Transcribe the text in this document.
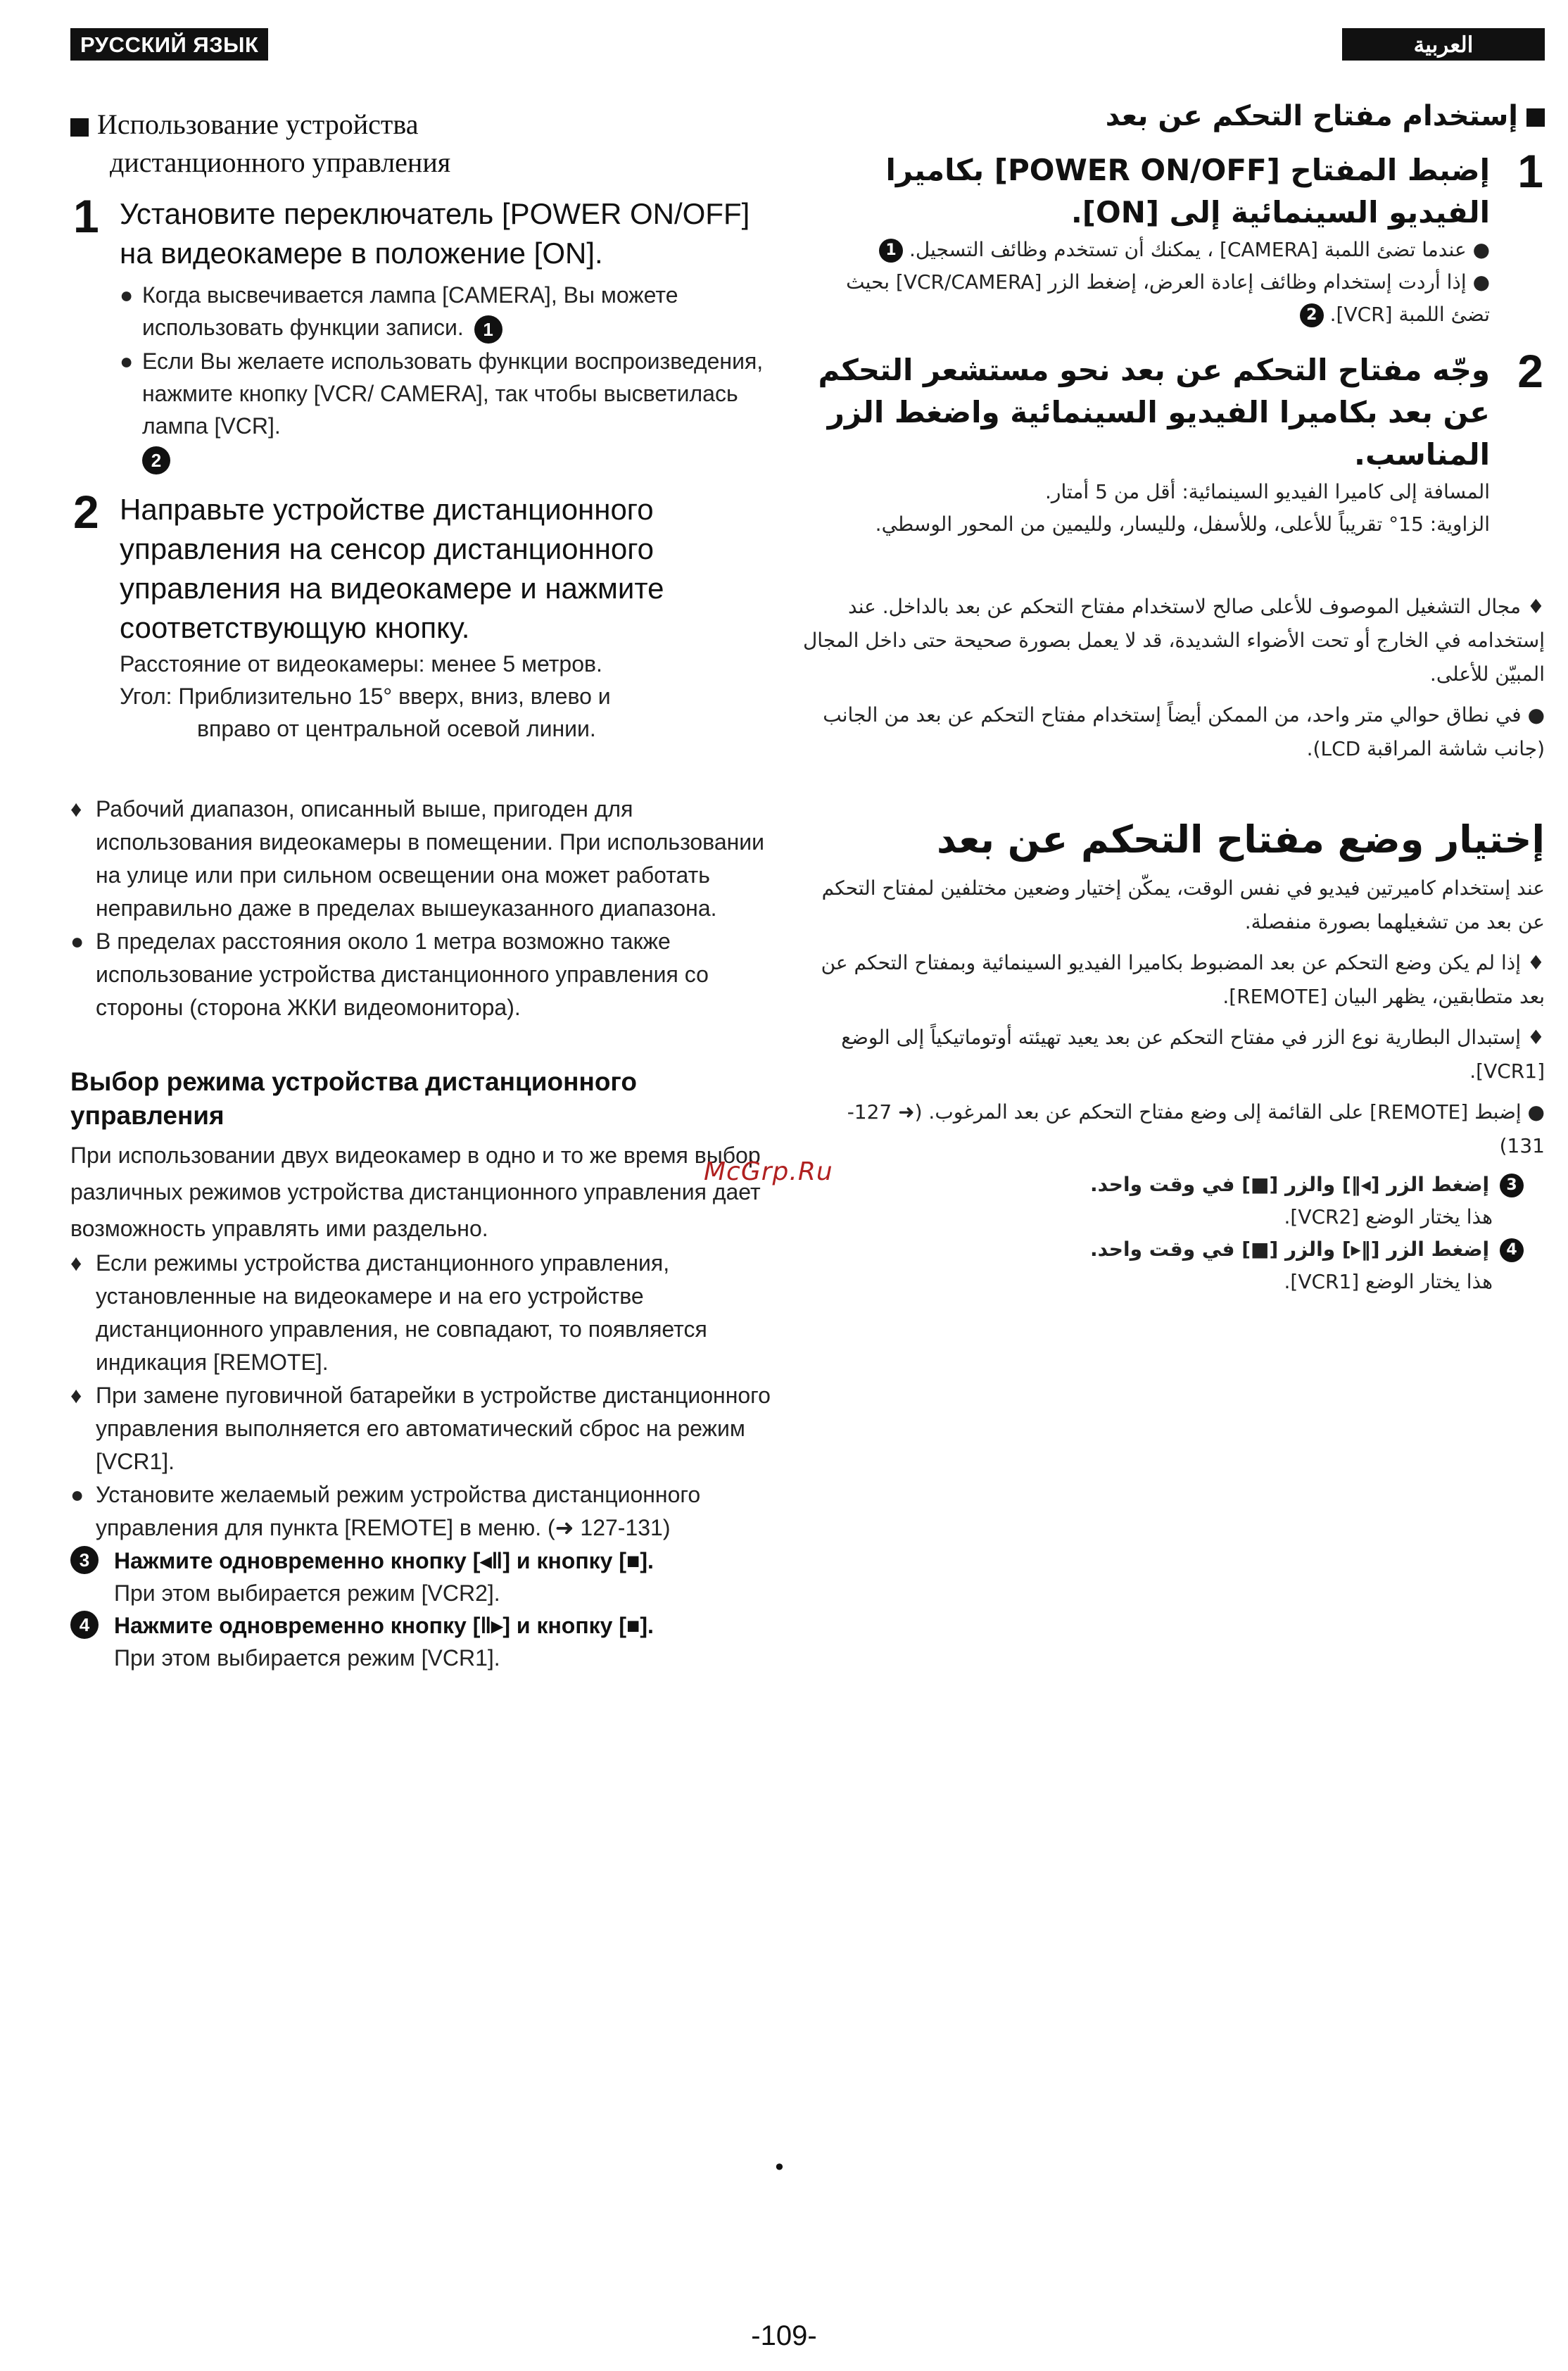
РУССКИЙ ЯЗЫК
Использование устройства
дистанционного управления
1 Установите переключатель [POWER ON/OFF] на видеокамере в положение [ON].
● Когда высвечивается лампа [CAMERA], Вы можете использовать функции записи. 1
● Если Вы желаете использовать функции воспроизведения, нажмите кнопку [VCR/ CAMERA], так чтобы высветилась лампа [VCR].
2
2 Направьте устройстве дистанционного управления на сенсор дистанционного управления на видеокамере и нажмите соответствующую кнопку.
Расстояние от видеокамеры: менее 5 метров.
Угол: Приблизительно 15° вверх, вниз, влево и
вправо от центральной осевой линии.
♦ Рабочий диапазон, описанный выше, пригоден для использования видеокамеры в помещении. При использовании на улице или при сильном освещении она может работать неправильно даже в пределах вышеуказанного диапазона.
● В пределах расстояния около 1 метра возможно также использование устройства дистанционного управления со стороны (сторона ЖКИ видеомонитора).
Выбор режима устройства дистанционного управления
При использовании двух видеокамер в одно и то же время выбор различных режимов устройства дистанционного управления дает возможность управлять ими раздельно.
♦ Если режимы устройства дистанционного управления, установленные на видеокамере и на его устройстве дистанционного управления, не совпадают, то появляется индикация [REMOTE].
♦ При замене пуговичной батарейки в устройстве дистанционного управления выполняется его автоматический сброс на режим [VCR1].
● Установите желаемый режим устройства дистанционного управления для пункта [REMOTE] в меню. (➜ 127-131)
3	Нажмите одновременно кнопку [◂‖] и кнопку [■].
При этом выбирается режим [VCR2].
4	Нажмите одновременно кнопку [‖▸] и кнопку [■].
При этом выбирается режим [VCR1].
McGrp.Ru
العربية
إستخدام مفتاح التحكم عن بعد
1
إضبط المفتاح [POWER ON/OFF] بكاميرا الفيديو السينمائية إلى [ON].
● عندما تضئ اللمبة [CAMERA] ، يمكنك أن تستخدم وظائف التسجيل. 1
● إذا أردت إستخدام وظائف إعادة العرض، إضغط الزر [VCR/CAMERA] بحيث تضئ اللمبة [VCR]. 2
2
وجّه مفتاح التحكم عن بعد نحو مستشعر التحكم عن بعد بكاميرا الفيديو السينمائية واضغط الزر المناسب.
المسافة إلى كاميرا الفيديو السينمائية: أقل من 5 أمتار.
الزاوية: 15° تقريباً للأعلى، وللأسفل، ولليسار، ولليمين من المحور الوسطي.
♦ مجال التشغيل الموصوف للأعلى صالح لاستخدام مفتاح التحكم عن بعد بالداخل. عند إستخدامه في الخارج أو تحت الأضواء الشديدة، قد لا يعمل بصورة صحيحة حتى داخل المجال المبيّن للأعلى.
● في نطاق حوالي متر واحد، من الممكن أيضاً إستخدام مفتاح التحكم عن بعد من الجانب (جانب شاشة المراقبة LCD).
إختيار وضع مفتاح التحكم عن بعد
عند إستخدام كاميرتين فيديو في نفس الوقت، يمكّن إختيار وضعين مختلفين لمفتاح التحكم عن بعد من تشغيلهما بصورة منفصلة.
♦ إذا لم يكن وضع التحكم عن بعد المضبوط بكاميرا الفيديو السينمائية وبمفتاح التحكم عن بعد متطابقين، يظهر البيان [REMOTE].
♦ إستبدال البطارية نوع الزر في مفتاح التحكم عن بعد يعيد تهيئته أوتوماتيكياً إلى الوضع [VCR1].
● إضبط [REMOTE] على القائمة إلى وضع مفتاح التحكم عن بعد المرغوب. (➜ 127-131)
3 إضغط الزر [◂‖] والزر [■] في وقت واحد.
هذا يختار الوضع [VCR2].
4 إضغط الزر [‖▸] والزر [■] في وقت واحد.
هذا يختار الوضع [VCR1].
•
-109-
